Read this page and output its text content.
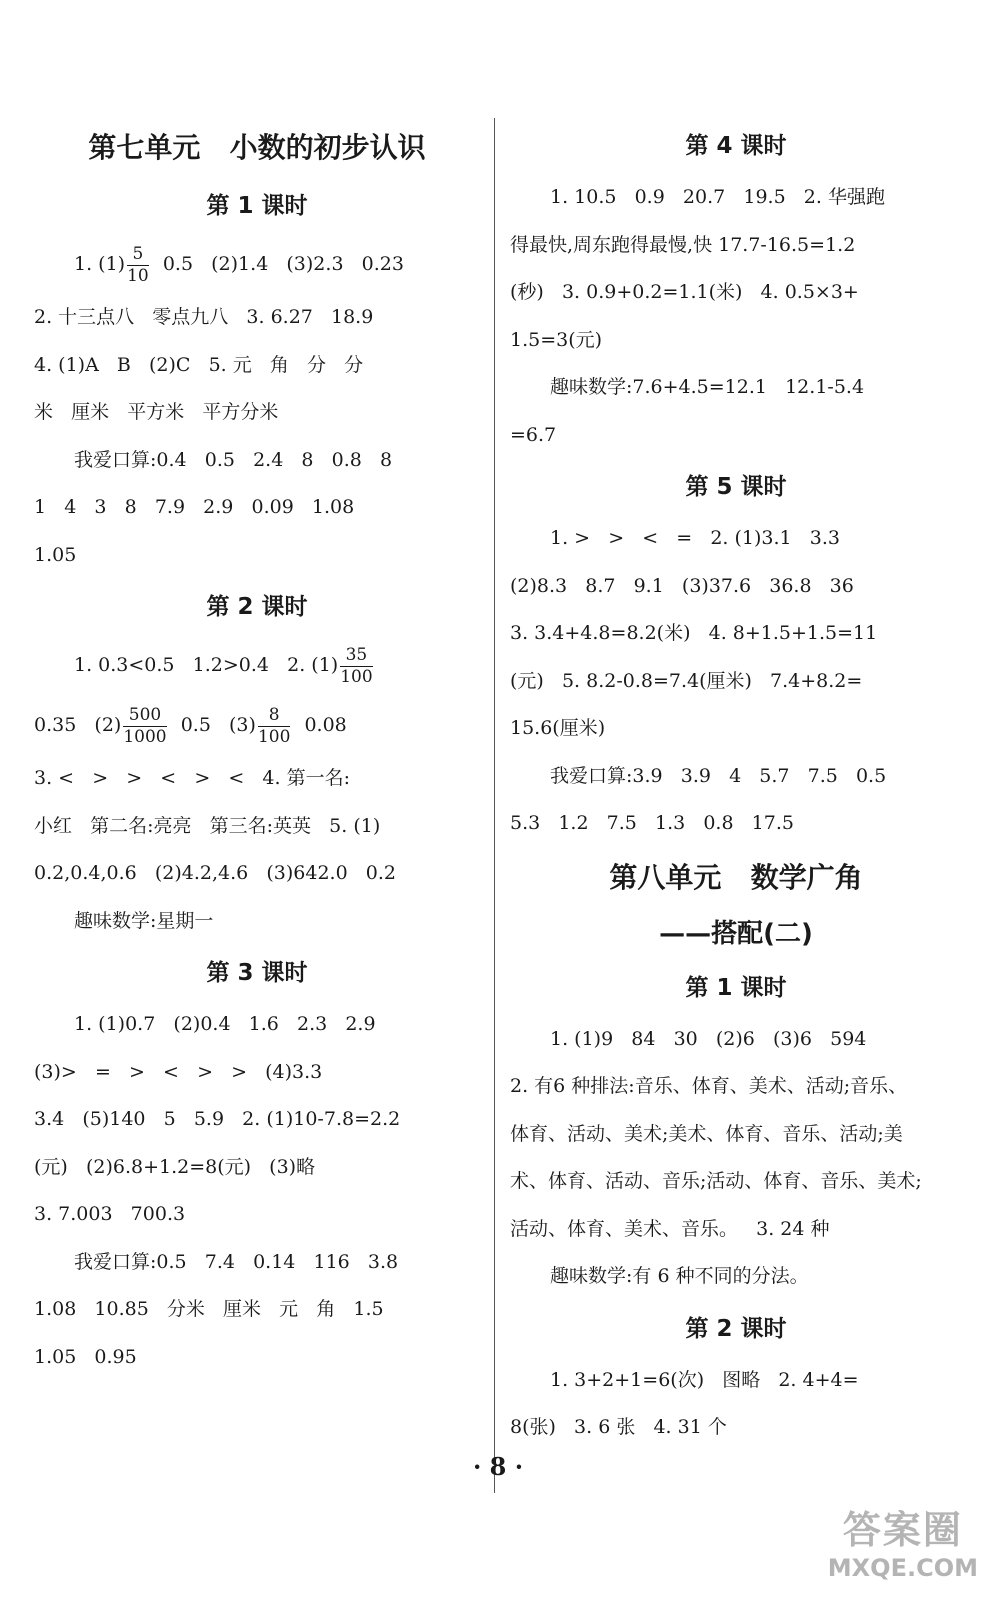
第七单元   小数的初步认识
第 1 课时
1. $(1) \frac{5}{10} 0.5$   (2)1.4   (3)2.3   0.23
2. 十三点八   零点九八   3. 6.27   18.9
4. (1)A   B   (2)C   5. 元   角   分   分
米   厘米   平方米   平方分米
我爱口算:0.4   0.5   2.4   8   0.8   8
1   4   3   8   7.9   2.9   0.09   1.08
1.05
第 2 课时
1. 0.3<0.5   1.2>0.4   2. $(1) \frac{35}{100}$
0.35   $(2) \frac{500}{1000} 0.5$   $(3) \frac{8}{100} 0.08$
3. <   >   >   <   >   <   4. 第一名:
小红   第二名:亮亮   第三名:英英   5. (1)
0.2,0.4,0.6   (2)4.2,4.6   (3)642.0   0.2
趣味数学:星期一
第 3 课时
1. (1)0.7   (2)0.4   1.6   2.3   2.9
(3)>   =   >   <   >   >   (4)3.3
3.4   (5)140   5   5.9   2. (1)10-7.8=2.2
(元)   (2)6.8+1.2=8(元)   (3)略
3. 7.003   700.3
我爱口算:0.5   7.4   0.14   116   3.8
1.08   10.85   分米   厘米   元   角   1.5
1.05   0.95
第 4 课时
1. 10.5   0.9   20.7   19.5   2. 华强跑
得最快,周东跑得最慢,快 17.7-16.5=1.2
(秒)   3. 0.9+0.2=1.1(米)   4. 0.5×3+
1.5=3(元)
趣味数学:7.6+4.5=12.1   12.1-5.4
=6.7
第 5 课时
1. >   >   <   =   2. (1)3.1   3.3
(2)8.3   8.7   9.1   (3)37.6   36.8   36
3. 3.4+4.8=8.2(米)   4. 8+1.5+1.5=11
(元)   5. 8.2-0.8=7.4(厘米)   7.4+8.2=
15.6(厘米)
我爱口算:3.9   3.9   4   5.7   7.5   0.5
5.3   1.2   7.5   1.3   0.8   17.5
第八单元   数学广角
——搭配(二)
第 1 课时
1. (1)9   84   30   (2)6   (3)6   594
2. 有6 种排法:音乐、体育、美术、活动;音乐、
体育、活动、美术;美术、体育、音乐、活动;美
术、体育、活动、音乐;活动、体育、音乐、美术;
活动、体育、美术、音乐。   3. 24 种
趣味数学:有 6 种不同的分法。
第 2 课时
1. 3+2+1=6(次)   图略   2. 4+4=
8(张)   3. 6 张   4. 31 个
· 8 ·
答案圈
MXQE.COM
